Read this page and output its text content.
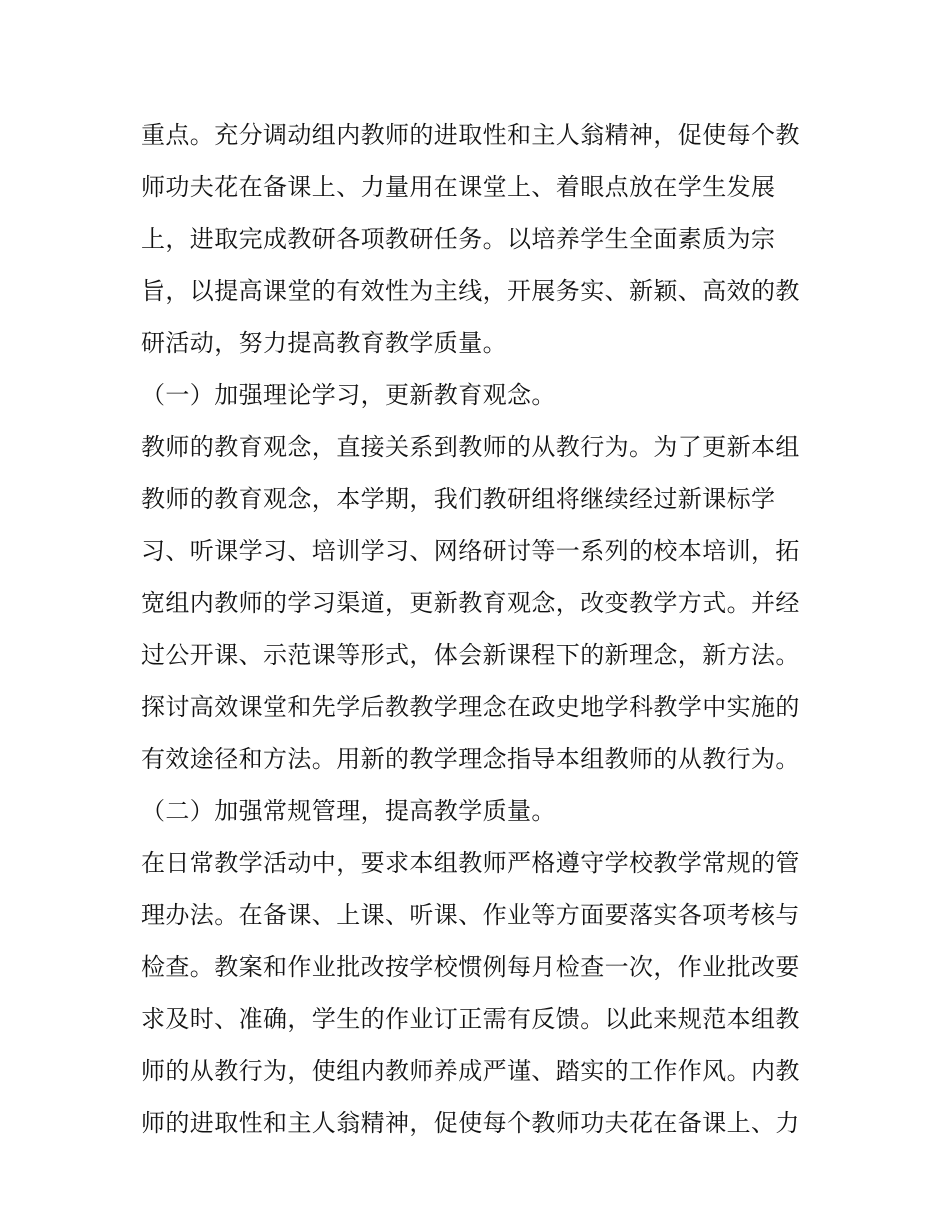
重点。充分调动组内教师的进取性和主人翁精神，促使每个教
师功夫花在备课上、力量用在课堂上、着眼点放在学生发展
上，进取完成教研各项教研任务。以培养学生全面素质为宗
旨，以提高课堂的有效性为主线，开展务实、新颖、高效的教
研活动，努力提高教育教学质量。
（一）加强理论学习，更新教育观念。
教师的教育观念，直接关系到教师的从教行为。为了更新本组
教师的教育观念，本学期，我们教研组将继续经过新课标学
习、听课学习、培训学习、网络研讨等一系列的校本培训，拓
宽组内教师的学习渠道，更新教育观念，改变教学方式。并经
过公开课、示范课等形式，体会新课程下的新理念，新方法。
探讨高效课堂和先学后教教学理念在政史地学科教学中实施的
有效途径和方法。用新的教学理念指导本组教师的从教行为。
（二）加强常规管理，提高教学质量。
在日常教学活动中，要求本组教师严格遵守学校教学常规的管
理办法。在备课、上课、听课、作业等方面要落实各项考核与
检查。教案和作业批改按学校惯例每月检查一次，作业批改要
求及时、准确，学生的作业订正需有反馈。以此来规范本组教
师的从教行为，使组内教师养成严谨、踏实的工作作风。内教
师的进取性和主人翁精神，促使每个教师功夫花在备课上、力
